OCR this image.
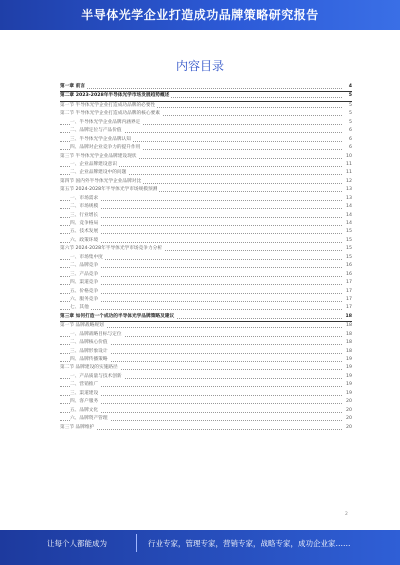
半导体光学企业打造成功品牌策略研究报告
内容目录
第一章 前言	4
第二章 2023-2028年半导体光学市场发展趋势概述	5
第一节 半导体光学企业打造成功品牌的必要性	5
第二节 半导体光学企业打造成功品牌的核心要素	5
一、半导体光学企业品牌内涵界定	5
二、品牌定位与产品价值	6
三、半导体光学企业品牌认知	6
四、品牌对企业竞争力的提升作用	6
第三节 半导体光学企业品牌建设现状	10
一、企业品牌建设意识	11
二、企业品牌建设中的问题	11
第四节 国内外半导体光学企业品牌对比	12
第五节 2024-2028年半导体光学市场规模预测	13
一、市场需求	13
二、市场规模	14
三、行业增长	14
四、竞争格局	14
五、技术发展	15
六、政策环境	15
第六节 2024-2028年半导体光学市场竞争力分析	15
一、市场集中度	15
二、品牌竞争	16
三、产品竞争	16
四、渠道竞争	17
五、价格竞争	17
六、服务竞争	17
七、其他	17
第三章 如何打造一个成功的半导体光学品牌策略及建议	18
第一节 品牌战略规划	18
一、品牌战略目标与定位	18
二、品牌核心价值	18
三、品牌形象设计	18
四、品牌传播策略	19
第二节 品牌建设的实施路径	19
一、产品质量与技术创新	19
二、营销推广	19
三、渠道建设	19
四、客户服务	20
五、品牌文化	20
六、品牌资产管理	20
第三节 品牌维护	20
2
让每个人都能成为	行业专家，管理专家，营销专家，战略专家，成功企业家……
